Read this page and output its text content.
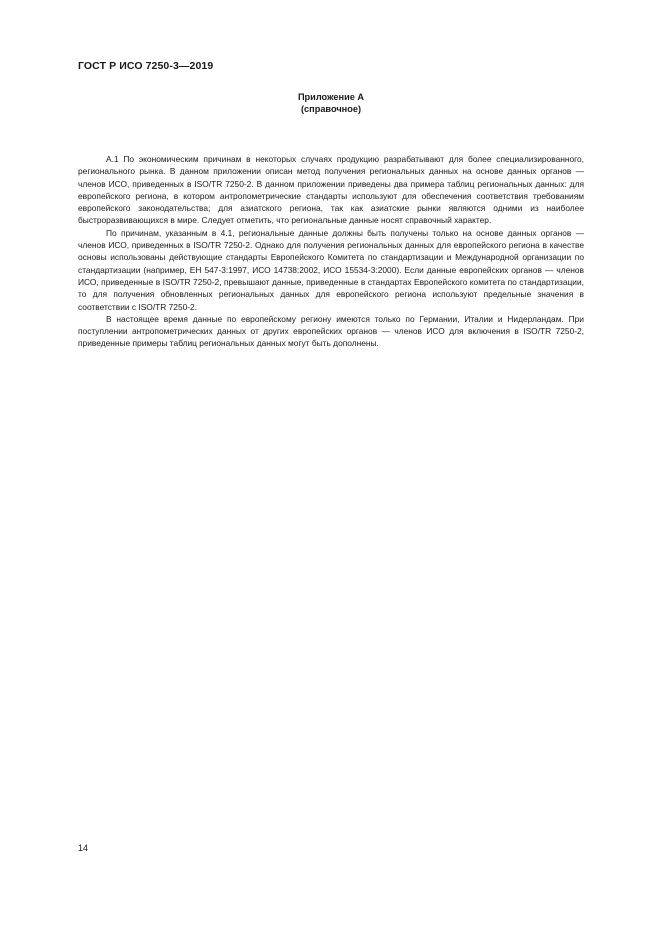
ГОСТ Р ИСО 7250-3—2019

Приложение А
(справочное)

А.1 По экономическим причинам в некоторых случаях продукцию разрабатывают для более специализированного, регионального рынка. В данном приложении описан метод получения региональных данных на основе данных органов — членов ИСО, приведенных в ISO/TR 7250-2. В данном приложении приведены два примера таблиц региональных данных: для европейского региона, в котором антропометрические стандарты используют для обеспечения соответствия требованиям европейского законодательства; для азиатского региона, так как азиатские рынки являются одними из наиболее быстроразвивающихся в мире. Следует отметить, что региональные данные носят справочный характер.

По причинам, указанным в 4.1, региональные данные должны быть получены только на основе данных органов — членов ИСО, приведенных в ISO/TR 7250-2. Однако для получения региональных данных для европейского региона в качестве основы использованы действующие стандарты Европейского Комитета по стандартизации и Международной организации по стандартизации (например, ЕН 547-3:1997, ИСО 14738:2002, ИСО 15534-3:2000). Если данные европейских органов — членов ИСО, приведенные в ISO/TR 7250-2, превышают данные, приведенные в стандартах Европейского комитета по стандартизации, то для получения обновленных региональных данных для европейского региона используют предельные значения в соответствии с ISO/TR 7250-2.

В настоящее время данные по европейскому региону имеются только по Германии, Италии и Нидерландам. При поступлении антропометрических данных от других европейских органов — членов ИСО для включения в ISO/TR 7250-2, приведенные примеры таблиц региональных данных могут быть дополнены.

14
